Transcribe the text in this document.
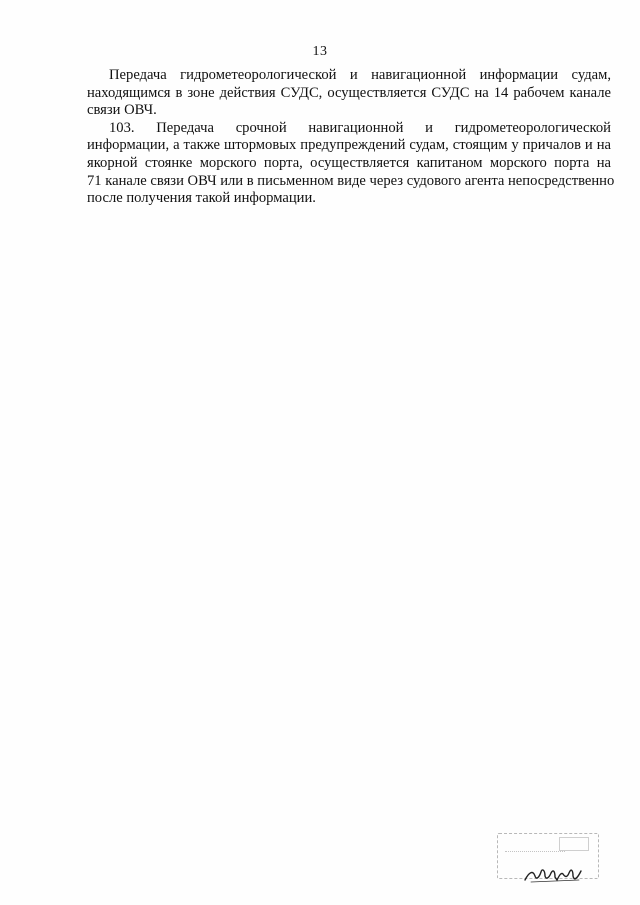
13
Передача гидрометеорологической и навигационной информации судам,
находящимся в зоне действия СУДС, осуществляется СУДС на 14 рабочем канале
связи ОВЧ.
103. Передача срочной навигационной и гидрометеорологической
информации, а также штормовых предупреждений судам, стоящим у причалов и на
якорной стоянке морского порта, осуществляется капитаном морского порта на
71 канале связи ОВЧ или в письменном виде через судового агента непосредственно
после получения такой информации.
